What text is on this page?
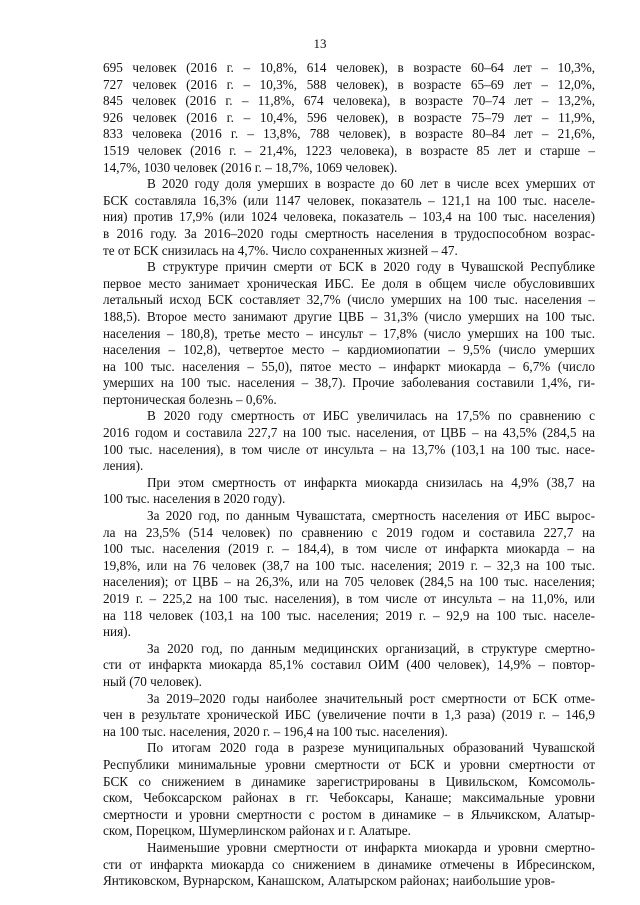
13
695 человек (2016 г. – 10,8%, 614 человек), в возрасте 60–64 лет – 10,3%,
727 человек (2016 г. – 10,3%, 588 человек), в возрасте 65–69 лет – 12,0%,
845 человек (2016 г. – 11,8%, 674 человека), в возрасте 70–74 лет – 13,2%,
926 человек (2016 г. – 10,4%, 596 человек), в возрасте 75–79 лет – 11,9%,
833 человека (2016 г. – 13,8%, 788 человек), в возрасте 80–84 лет – 21,6%,
1519 человек (2016 г. – 21,4%, 1223 человека), в возрасте 85 лет и старше –
14,7%, 1030 человек (2016 г. – 18,7%, 1069 человек).
В 2020 году доля умерших в возрасте до 60 лет в числе всех умерших от
БСК составляла 16,3% (или 1147 человек, показатель – 121,1 на 100 тыс. населе-
ния) против 17,9% (или 1024 человека, показатель – 103,4 на 100 тыс. населения)
в 2016 году. За 2016–2020 годы смертность населения в трудоспособном возрас-
те от БСК снизилась на 4,7%. Число сохраненных жизней – 47.
В структуре причин смерти от БСК в 2020 году в Чувашской Республике
первое место занимает хроническая ИБС. Ее доля в общем числе обусловивших
летальный исход БСК составляет 32,7% (число умерших на 100 тыс. населения –
188,5). Второе место занимают другие ЦВБ – 31,3% (число умерших на 100 тыс.
населения – 180,8), третье место – инсульт – 17,8% (число умерших на 100 тыс.
населения – 102,8), четвертое место – кардиомиопатии – 9,5% (число умерших
на 100 тыс. населения – 55,0), пятое место – инфаркт миокарда – 6,7% (число
умерших на 100 тыс. населения – 38,7). Прочие заболевания составили 1,4%, ги-
пертоническая болезнь – 0,6%.
В 2020 году смертность от ИБС увеличилась на 17,5% по сравнению с
2016 годом и составила 227,7 на 100 тыс. населения, от ЦВБ – на 43,5% (284,5 на
100 тыс. населения), в том числе от инсульта – на 13,7% (103,1 на 100 тыс. насе-
ления).
При этом смертность от инфаркта миокарда снизилась на 4,9% (38,7 на
100 тыс. населения в 2020 году).
За 2020 год, по данным Чувашстата, смертность населения от ИБС вырос-
ла на 23,5% (514 человек) по сравнению с 2019 годом и составила 227,7 на
100 тыс. населения (2019 г. – 184,4), в том числе от инфаркта миокарда – на
19,8%, или на 76 человек (38,7 на 100 тыс. населения; 2019 г. – 32,3 на 100 тыс.
населения); от ЦВБ – на 26,3%, или на 705 человек (284,5 на 100 тыс. населения;
2019 г. – 225,2 на 100 тыс. населения), в том числе от инсульта – на 11,0%, или
на 118 человек (103,1 на 100 тыс. населения; 2019 г. – 92,9 на 100 тыс. населе-
ния).
За 2020 год, по данным медицинских организаций, в структуре смертно-
сти от инфаркта миокарда 85,1% составил ОИМ (400 человек), 14,9% – повтор-
ный (70 человек).
За 2019–2020 годы наиболее значительный рост смертности от БСК отме-
чен в результате хронической ИБС (увеличение почти в 1,3 раза) (2019 г. – 146,9
на 100 тыс. населения, 2020 г. – 196,4 на 100 тыс. населения).
По итогам 2020 года в разрезе муниципальных образований Чувашской
Республики минимальные уровни смертности от БСК и уровни смертности от
БСК со снижением в динамике зарегистрированы в Цивильском, Комсомоль-
ском, Чебоксарском районах в гг. Чебоксары, Канаше; максимальные уровни
смертности и уровни смертности с ростом в динамике – в Яльчикском, Алатыр-
ском, Порецком, Шумерлинском районах и г. Алатыре.
Наименьшие уровни смертности от инфаркта миокарда и уровни смертно-
сти от инфаркта миокарда со снижением в динамике отмечены в Ибресинском,
Янтиковском, Вурнарском, Канашском, Алатырском районах; наибольшие уров-
